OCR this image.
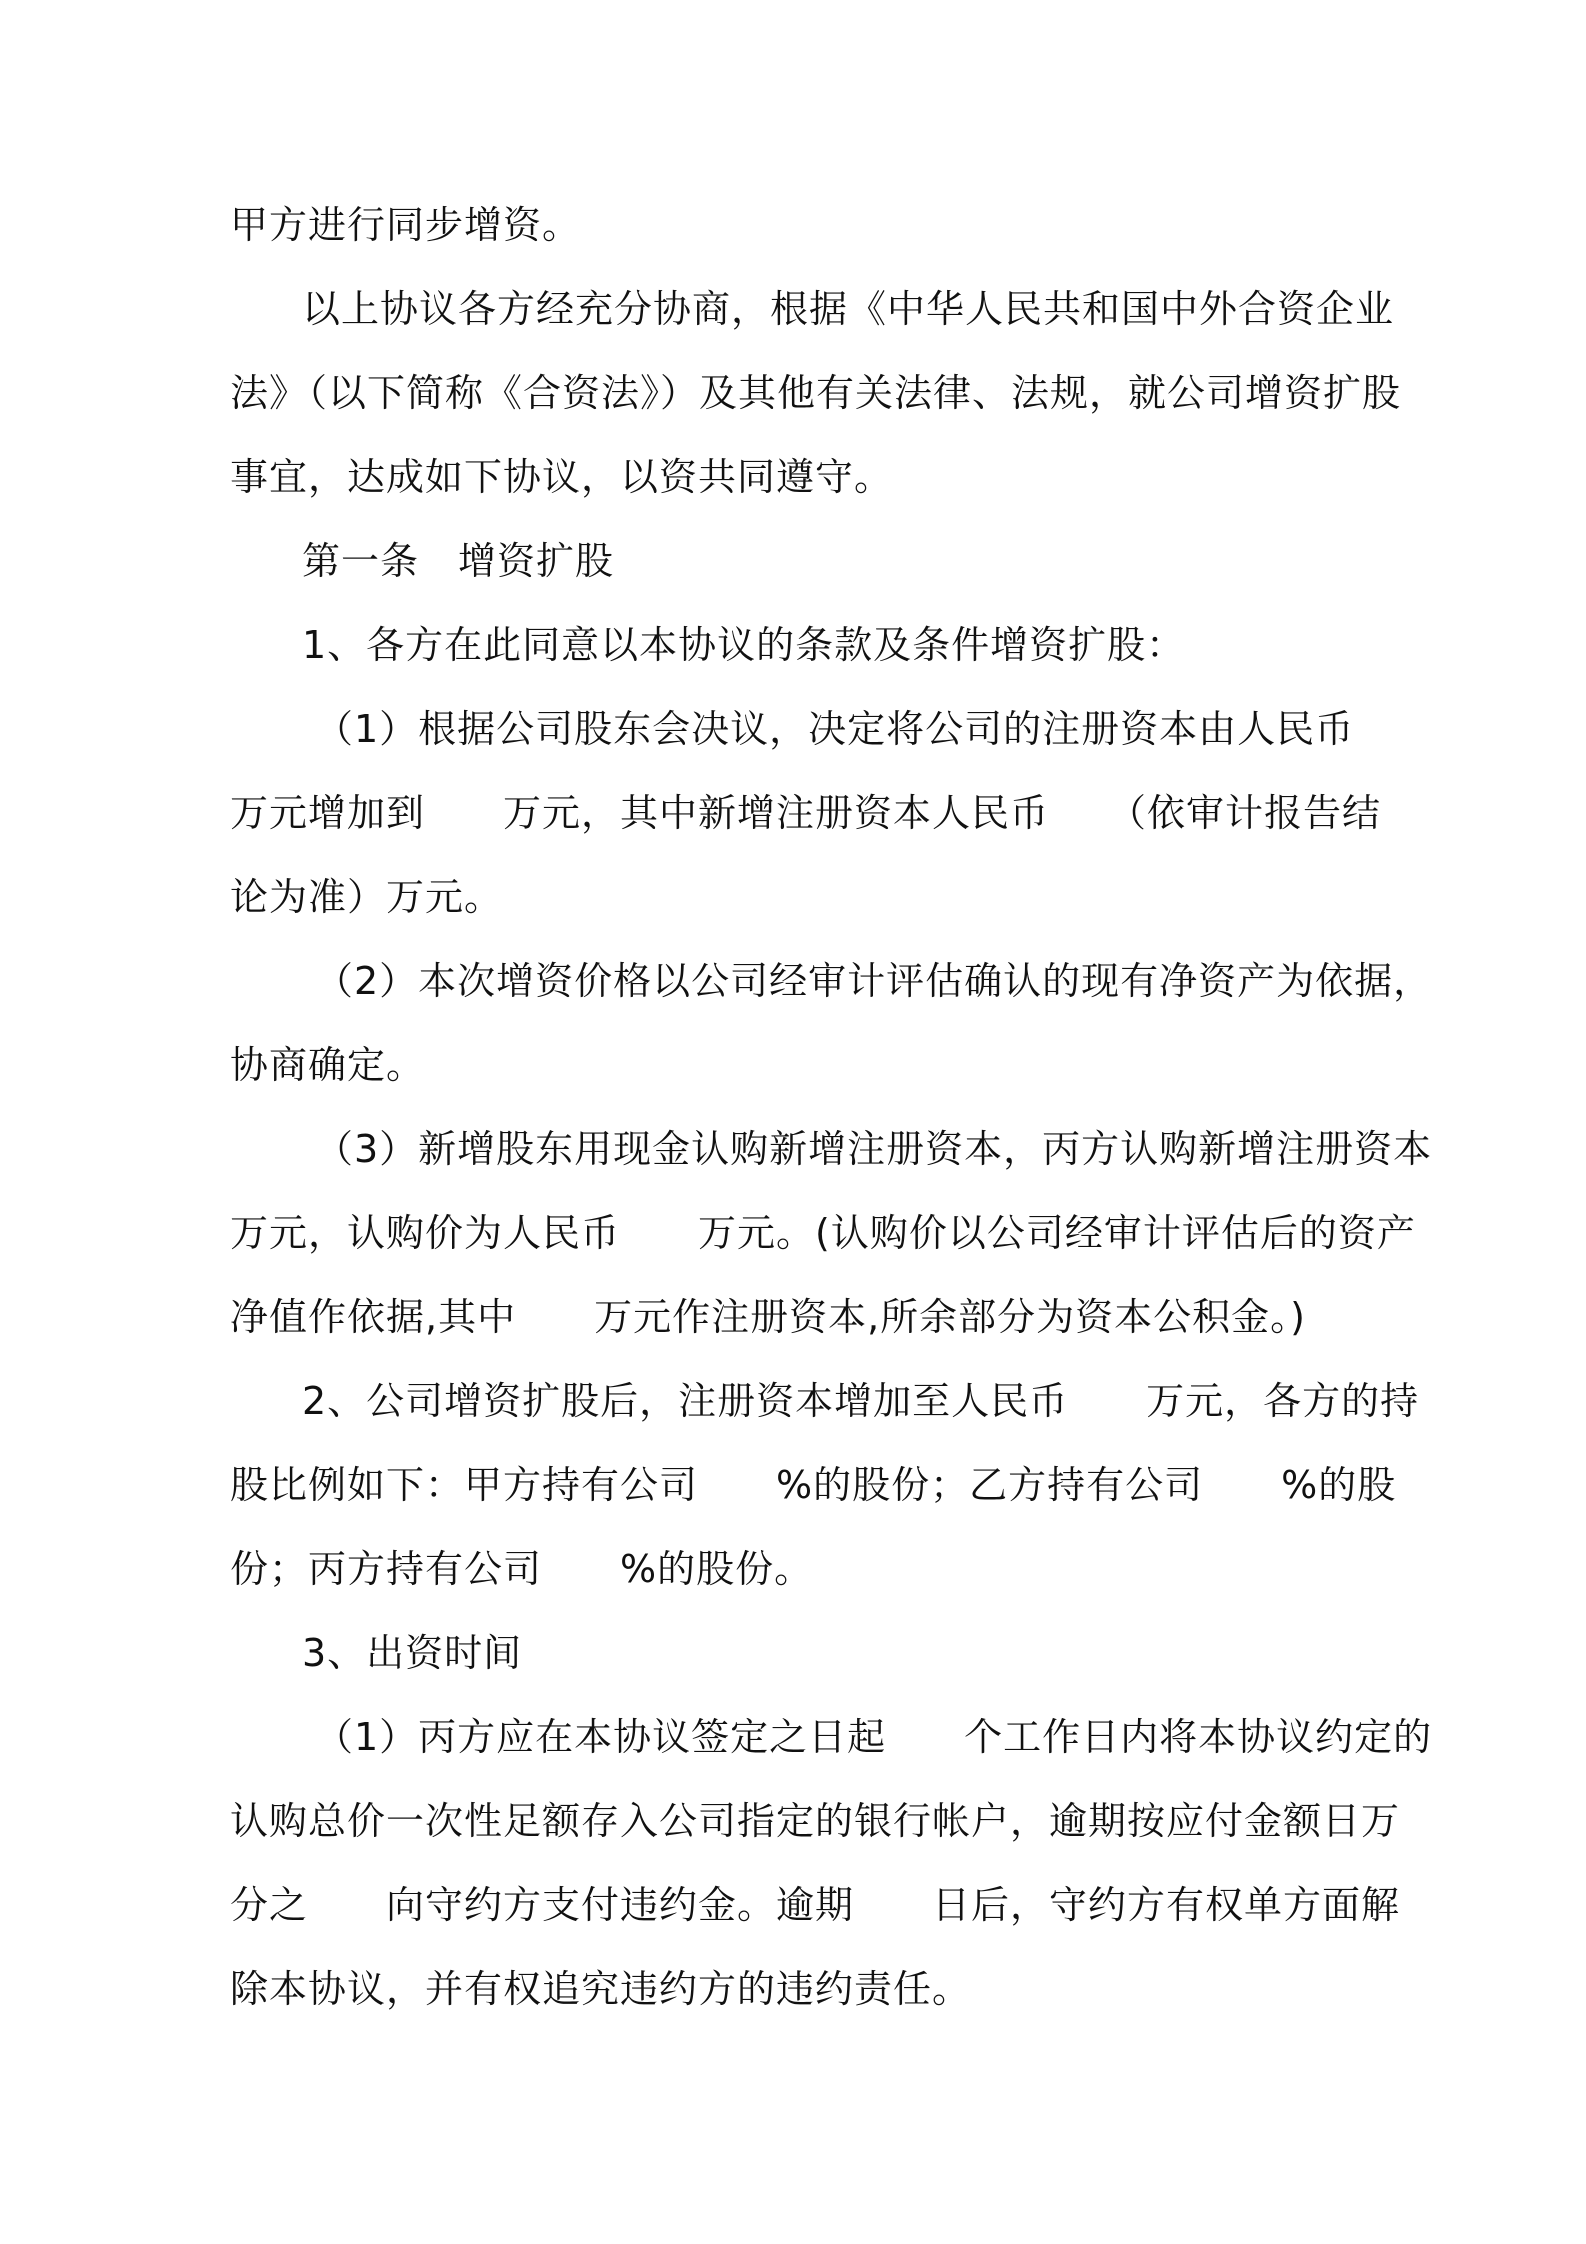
甲方进行同步增资。
以上协议各方经充分协商，根据《中华人民共和国中外合资企业
法》（以下简称《合资法》）及其他有关法律、法规，就公司增资扩股
事宜，达成如下协议，以资共同遵守。
第一条　增资扩股
1、各方在此同意以本协议的条款及条件增资扩股：
（1）根据公司股东会决议，决定将公司的注册资本由人民币
万元增加到　　万元，其中新增注册资本人民币　　（依审计报告结
论为准）万元。
（2）本次增资价格以公司经审计评估确认的现有净资产为依据，
协商确定。
（3）新增股东用现金认购新增注册资本，丙方认购新增注册资本
万元，认购价为人民币　　万元。(认购价以公司经审计评估后的资产
净值作依据,其中　　万元作注册资本,所余部分为资本公积金。)
2、公司增资扩股后，注册资本增加至人民币　　万元，各方的持
股比例如下：甲方持有公司　　%的股份；乙方持有公司　　%的股
份；丙方持有公司　　%的股份。
3、出资时间
（1）丙方应在本协议签定之日起　　个工作日内将本协议约定的
认购总价一次性足额存入公司指定的银行帐户，逾期按应付金额日万
分之　　向守约方支付违约金。逾期　　日后，守约方有权单方面解
除本协议，并有权追究违约方的违约责任。
